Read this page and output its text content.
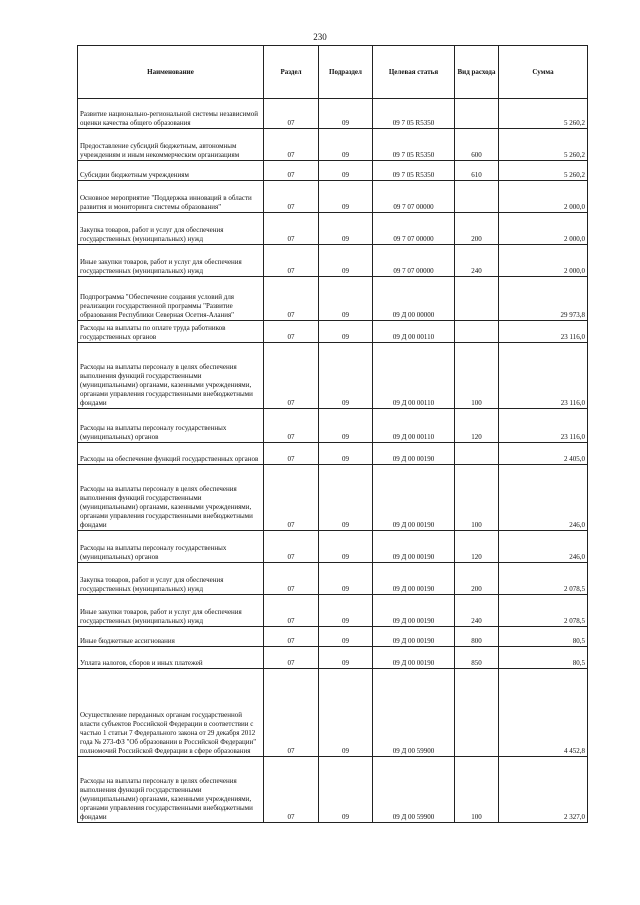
230
Наименование	Раздел	Подраздел	Целевая статья	Вид расхода	Сумма
Развитие национально-региональной системы независимой оценки качества общего образования	07	09	09 7 05 R5350		5 260,2
Предоставление субсидий бюджетным, автономным учреждениям и иным некоммерческим организациям	07	09	09 7 05 R5350	600	5 260,2
Субсидии бюджетным учреждениям	07	09	09 7 05 R5350	610	5 260,2
Основное мероприятие "Поддержка инноваций в области развития и мониторинга системы образования"	07	09	09 7 07 00000		2 000,0
Закупка товаров, работ и услуг для обеспечения государственных (муниципальных) нужд	07	09	09 7 07 00000	200	2 000,0
Иные закупки товаров, работ и услуг для обеспечения государственных (муниципальных) нужд	07	09	09 7 07 00000	240	2 000,0
Подпрограмма "Обеспечение создания условий для реализации государственной программы "Развитие образования Республики Северная Осетия-Алания"	07	09	09 Д 00 00000		29 973,8
Расходы на выплаты по оплате труда работников государственных органов	07	09	09 Д 00 00110		23 116,0
Расходы на выплаты персоналу в целях обеспечения выполнения функций государственными (муниципальными) органами, казенными учреждениями, органами управления государственными внебюджетными фондами	07	09	09 Д 00 00110	100	23 116,0
Расходы на выплаты персоналу государственных (муниципальных) органов	07	09	09 Д 00 00110	120	23 116,0
Расходы на обеспечение функций государственных органов	07	09	09 Д 00 00190		2 405,0
Расходы на выплаты персоналу в целях обеспечения выполнения функций государственными (муниципальными) органами, казенными учреждениями, органами управления государственными внебюджетными фондами	07	09	09 Д 00 00190	100	246,0
Расходы на выплаты персоналу государственных (муниципальных) органов	07	09	09 Д 00 00190	120	246,0
Закупка товаров, работ и услуг для обеспечения государственных (муниципальных) нужд	07	09	09 Д 00 00190	200	2 078,5
Иные закупки товаров, работ и услуг для обеспечения государственных (муниципальных) нужд	07	09	09 Д 00 00190	240	2 078,5
Иные бюджетные ассигнования	07	09	09 Д 00 00190	800	80,5
Уплата налогов, сборов и иных платежей	07	09	09 Д 00 00190	850	80,5
Осуществление переданных органам государственной власти субъектов Российской Федерации в соответствии с частью 1 статьи 7 Федерального закона от 29 декабря 2012 года № 273-ФЗ "Об образовании в Российской Федерации" полномочий Российской Федерации в сфере образования	07	09	09 Д 00 59900		4 452,8
Расходы на выплаты персоналу в целях обеспечения выполнения функций государственными (муниципальными) органами, казенными учреждениями, органами управления государственными внебюджетными фондами	07	09	09 Д 00 59900	100	2 327,0
